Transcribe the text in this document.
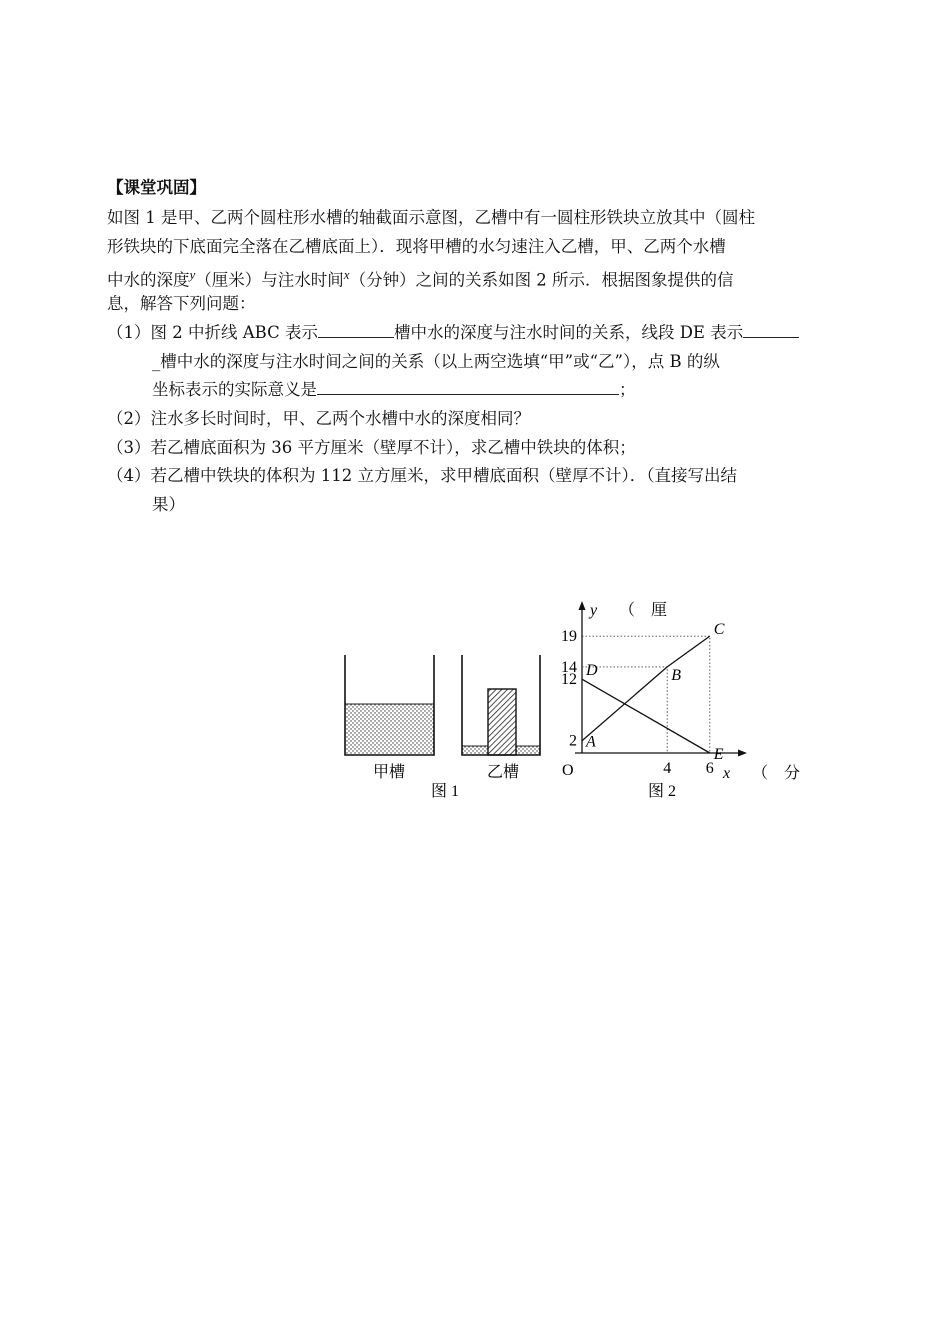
【课堂巩固】
如图 1 是甲、乙两个圆柱形水槽的轴截面示意图，乙槽中有一圆柱形铁块立放其中（圆柱
形铁块的下底面完全落在乙槽底面上）．现将甲槽的水匀速注入乙槽，甲、乙两个水槽
中水的深度$^y$（厘米）与注水时间$^x$（分钟）之间的关系如图 2 所示．根据图象提供的信
息，解答下列问题：
（1）图 2 中折线 ABC 表示	槽中水的深度与注水时间的关系，线段 DE 表示
_槽中水的深度与注水时间之间的关系（以上两空选填“甲”或“乙”），点 B 的纵
坐标表示的实际意义是	；
（2）注水多长时间时，甲、乙两个水槽中水的深度相同？
（3）若乙槽底面积为 36 平方厘米（壁厚不计），求乙槽中铁块的体积；
（4）若乙槽中铁块的体积为 112 立方厘米，求甲槽底面积（壁厚不计）．（直接写出结
果）
甲槽	乙槽
图 1
y （　厘
x （　分
O
19
14
12
2
4 6
A
B
C
D
E
图 2
